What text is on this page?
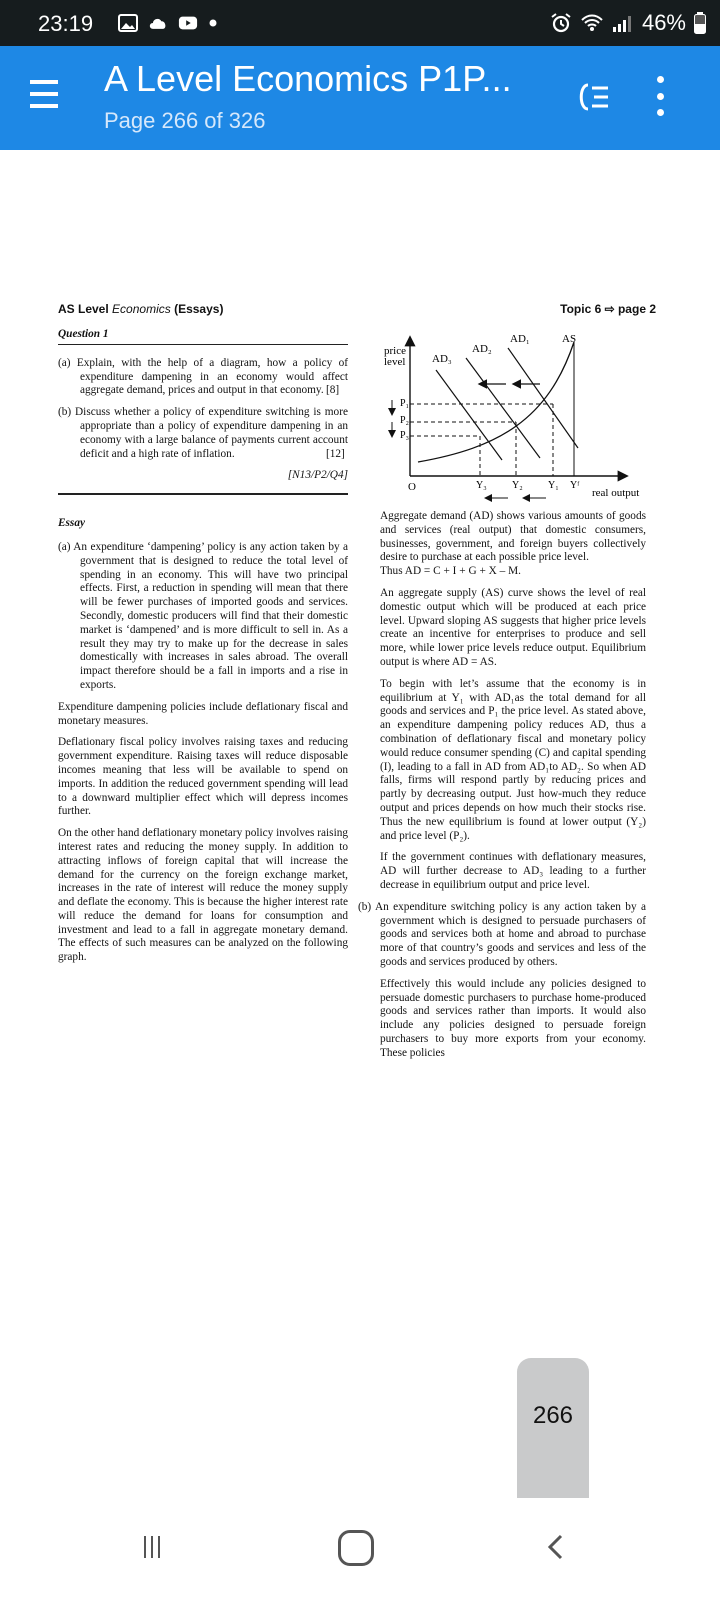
23:19	46%
A Level Economics P1P...
Page 266 of 326
AS Level Economics (Essays)	Topic 6 ⇨ page 2
Question 1
(a) Explain, with the help of a diagram, how a policy of expenditure dampening in an economy would affect aggregate demand, prices and output in that economy. [8]
(b) Discuss whether a policy of expenditure switching is more appropriate than a policy of expenditure dampening in an economy with a large balance of payments current account deficit and a high rate of inflation.	[12]
[N13/P2/Q4]
Essay
(a) An expenditure ‘dampening’ policy is any action taken by a government that is designed to reduce the total level of spending in an economy. This will have two principal effects. First, a reduction in spending will mean that there will be fewer purchases of imported goods and services. Secondly, domestic producers will find that their domestic market is ‘dampened’ and is more difficult to sell in. As a result they may try to make up for the decrease in sales domestically with increases in sales abroad. The overall impact therefore should be a fall in imports and a rise in exports.
Expenditure dampening policies include deflationary fiscal and monetary measures.
Deflationary fiscal policy involves raising taxes and reducing government expenditure. Raising taxes will reduce disposable incomes meaning that less will be available to spend on imports. In addition the reduced government spending will lead to a downward multiplier effect which will depress incomes further.
On the other hand deflationary monetary policy involves raising interest rates and reducing the money supply. In addition to attracting inflows of foreign capital that will increase the demand for the currency on the foreign exchange market, increases in the rate of interest will reduce the money supply and deflate the economy. This is because the higher interest rate will reduce the demand for loans for consumption and investment and lead to a fall in aggregate monetary demand. The effects of such measures can be analyzed on the following graph.
price
level
real output
O
AS
AD₃
AD₂
AD₁
P₁
P₂
P₃
Y₃	Y₂	Y₁ Yᶠ
Aggregate demand (AD) shows various amounts of goods and services (real output) that domestic consumers, businesses, government, and foreign buyers collectively desire to purchase at each possible price level.
Thus AD = C + I + G + X – M.
An aggregate supply (AS) curve shows the level of real domestic output which will be produced at each price level. Upward sloping AS suggests that higher price levels create an incentive for enterprises to produce and sell more, while lower price levels reduce output. Equilibrium output is where AD = AS.
To begin with let’s assume that the economy is in equilibrium at Y₁ with AD₁as the total demand for all goods and services and P₁ the price level. As stated above, an expenditure dampening policy reduces AD, thus a combination of deflationary fiscal and monetary policy would reduce consumer spending (C) and capital spending (I), leading to a fall in AD from AD₁to AD₂. So when AD falls, firms will respond partly by reducing prices and partly by decreasing output. Just how-much they reduce output and prices depends on how much their stocks rise. Thus the new equilibrium is found at lower output (Y₂) and price level (P₂).
If the government continues with deflationary measures, AD will further decrease to AD₃ leading to a further decrease in equilibrium output and price level.
(b) An expenditure switching policy is any action taken by a government which is designed to persuade purchasers of goods and services both at home and abroad to purchase more of that country’s goods and services and less of the goods and services produced by others.
Effectively this would include any policies designed to persuade domestic purchasers to purchase home-produced goods and services rather than imports. It would also include any policies designed to persuade foreign purchasers to buy more exports from your economy. These policies
266
